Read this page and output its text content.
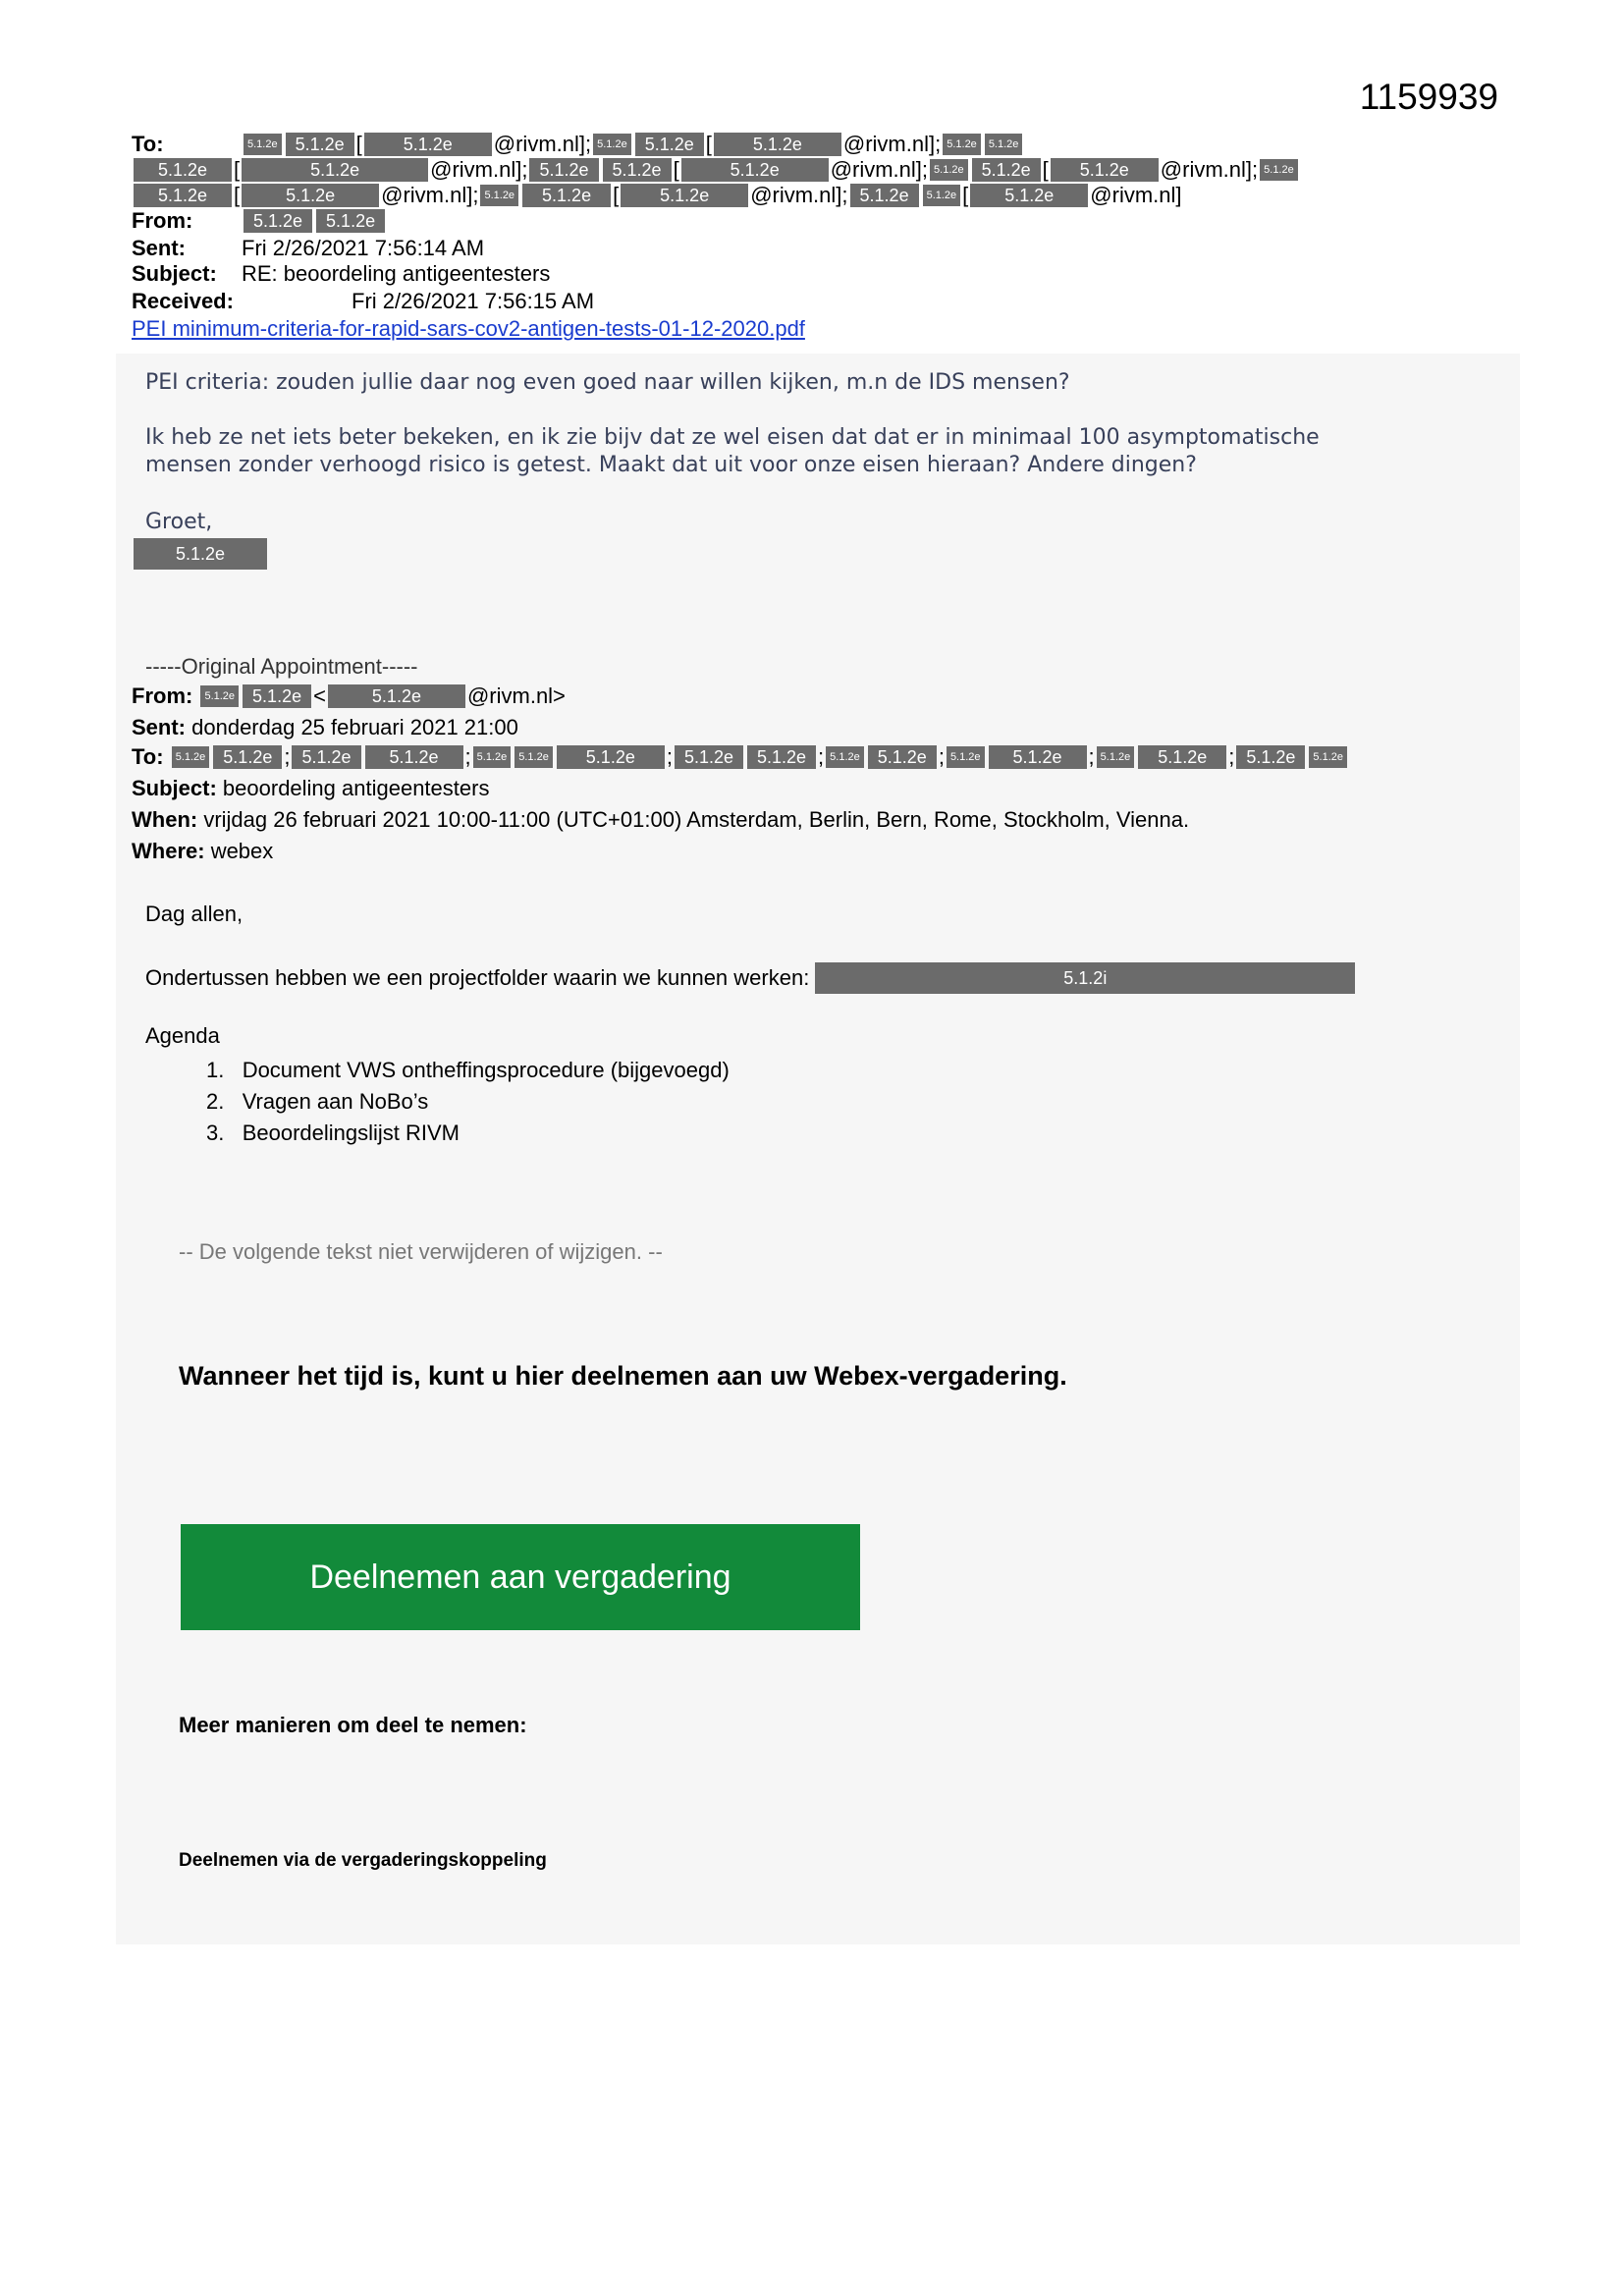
1159939
To:	5.1.2e	5.1.2e [	5.1.2e	@rivm.nl]; 5.1.2e	5.1.2e [	5.1.2e	@rivm.nl]; 5.1.2e	5.1.2e
5.1.2e	[	5.1.2e	@rivm.nl]; 5.1.2e	5.1.2e [	5.1.2e	@rivm.nl]; 5.1.2e	5.1.2e [	5.1.2e	@rivm.nl]; 5.1.2e
5.1.2e	[	5.1.2e	@rivm.nl]; 5.1.2e	5.1.2e [	5.1.2e	@rivm.nl]; 5.1.2e	5.1.2e [	5.1.2e	@rivm.nl]
From:	5.1.2e	5.1.2e
Sent:	Fri 2/26/2021 7:56:14 AM
Subject:	RE: beoordeling antigeentesters
Received:	Fri 2/26/2021 7:56:15 AM
PEI minimum-criteria-for-rapid-sars-cov2-antigen-tests-01-12-2020.pdf
PEI criteria: zouden jullie daar nog even goed naar willen kijken, m.n de IDS mensen?
Ik heb ze net iets beter bekeken, en ik zie bijv dat ze wel eisen dat dat er in minimaal 100 asymptomatische
mensen zonder verhoogd risico is getest. Maakt dat uit voor onze eisen hieraan? Andere dingen?
Groet,
5.1.2e
-----Original Appointment-----
From:
	5.1.2e	5.1.2e <	5.1.2e	@rivm.nl>
Sent:
donderdag 25 februari 2021 21:00
To:
	5.1.2e	5.1.2e ; 5.1.2e	5.1.2e	; 5.1.2e	5.1.2e	5.1.2e	; 5.1.2e	5.1.2e ; 5.1.2e	5.1.2e ; 5.1.2e	5.1.2e	; 5.1.2e	5.1.2e ; 5.1.2e	5.1.2e
Subject:
beoordeling antigeentesters
When:
vrijdag 26 februari 2021 10:00-11:00 (UTC+01:00) Amsterdam, Berlin, Bern, Rome, Stockholm, Vienna.
Where:
webex
Dag allen,
Ondertussen hebben we een projectfolder waarin we kunnen werken:	5.1.2i
Agenda
1.   Document VWS ontheffingsprocedure (bijgevoegd)
2.   Vragen aan NoBo’s
3.   Beoordelingslijst RIVM
-- De volgende tekst niet verwijderen of wijzigen. --
Wanneer het tijd is, kunt u hier deelnemen aan uw Webex-vergadering.
Deelnemen aan vergadering
Meer manieren om deel te nemen:
Deelnemen via de vergaderingskoppeling
